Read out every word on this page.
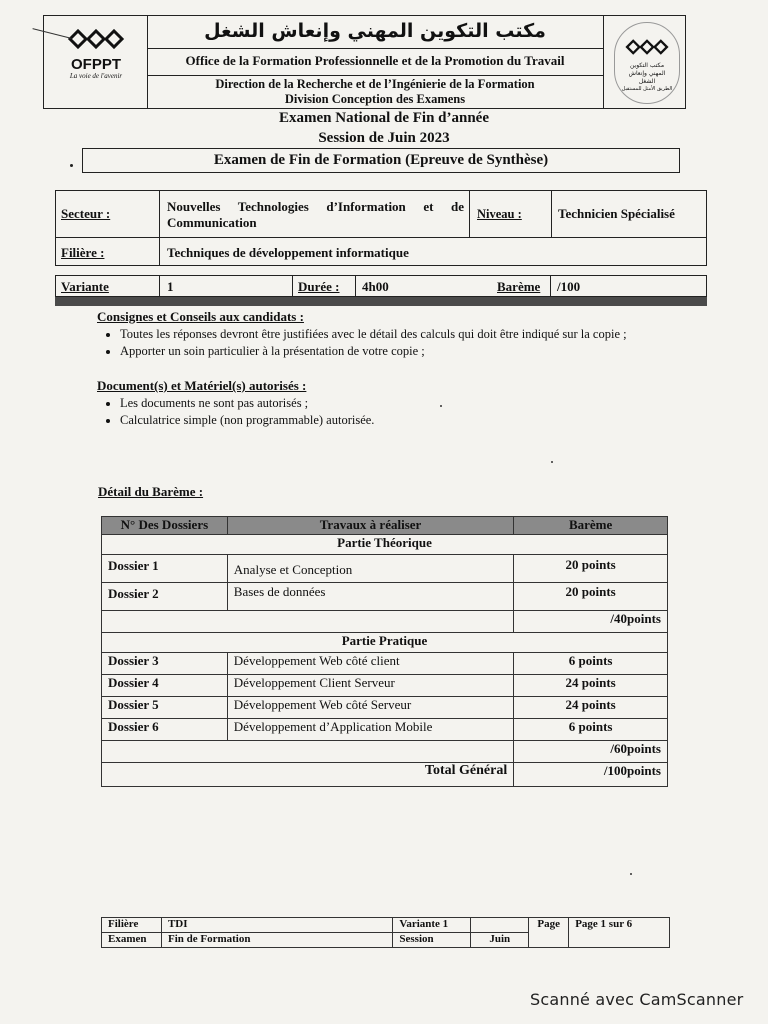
OFPPT
La voie de l'avenir
مكتب التكوين المهني وإنعاش الشغل
الطريق الأمثل للمستقبل
مكتب التكوين المهني وإنعاش الشغل
Office de la Formation Professionnelle et de la Promotion du Travail
Direction de la Recherche et de l’Ingénierie de la Formation
Division Conception des Examens
Examen National de Fin d’année
Session de Juin 2023
Examen de Fin de Formation (Epreuve de Synthèse)
Secteur :	Nouvelles Technologies d’Information et de Communication
Niveau :	Technicien Spécialisé
Filière :	Techniques de développement informatique
Variante	1	Durée : 4h00	Barème /100
Consignes et Conseils aux candidats :
• Toutes les réponses devront être justifiées avec le détail des calculs qui doit être indiqué sur la copie ;
• Apporter un soin particulier à la présentation de votre copie ;
Document(s) et Matériel(s) autorisés :
• Les documents ne sont pas autorisés ;
• Calculatrice simple (non programmable) autorisée.
Détail du Barème :
N° Des Dossiers	Travaux à réaliser	Barème
Partie Théorique		
Dossier 1	Analyse et Conception	20 points
Dossier 2	Bases de données	20 points
		/40points
Partie Pratique		
Dossier 3	Développement Web côté client	6 points
Dossier 4	Développement Client Serveur	24 points
Dossier 5	Développement Web côté Serveur	24 points
Dossier 6	Développement d’Application Mobile	6 points
		/60points
Total Général		/100points
Filière	TDI	Variante 1		Page	Page 1 sur 6
Examen	Fin de Formation	Session	Juin		
Scanné avec CamScanner
